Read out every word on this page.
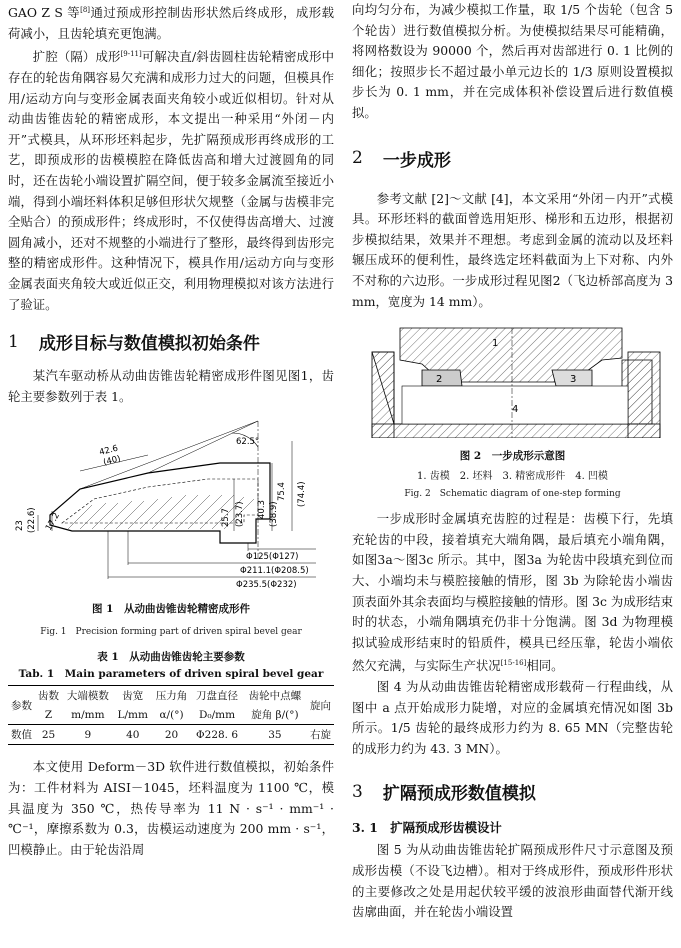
GAO Z S 等[8]通过预成形控制齿形状然后终成形，成形载荷减小，且齿轮填充更饱满。

扩腔（隔）成形[9-11]可解决直/斜齿圆柱齿轮精密成形中存在的轮齿角隅容易欠充满和成形力过大的问题，但模具作用/运动方向与变形金属表面夹角较小或近似相切。针对从动曲齿锥齿轮的精密成形，本文提出一种采用“外闭－内开”式模具，从环形坯料起步，先扩隔预成形再终成形的工艺，即预成形的齿模模腔在降低齿高和增大过渡圆角的同时，还在齿轮小端设置扩隔空间，便于较多金属流至接近小端，得到小端坯料体积足够但形状欠规整（金属与齿模非完全贴合）的预成形件；终成形时，不仅使得齿高增大、过渡圆角减小，还对不规整的小端进行了整形，最终得到齿形完整的精密成形件。这种情况下，模具作用/运动方向与变形金属表面夹角较大或近似正交，利用物理模拟对该方法进行了验证。

1 成形目标与数值模拟初始条件

某汽车驱动桥从动曲齿锥齿轮精密成形件图见图1，齿轮主要参数列于表 1。

42.6
(40)
62.5°
75.4 (74.4)
40.3 (38.9)
25.7 (23.7)
23 (22.6) 17.2
Φ125(Φ127)
Φ211.1(Φ208.5)
Φ235.5(Φ232)
图 1　从动曲齿锥齿轮精密成形件
Fig. 1　Precision forming part of driven spiral bevel gear
表 1　从动曲齿锥齿轮主要参数
Tab. 1　Main parameters of driven spiral bevel gear
参数	齿数	大端模数	齿宽	压力角	刀盘直径	齿轮中点螺	旋向
	Z	m/mm	L/mm	α/(°)	D₀/mm	旋角 β/(°)	
数值	25	9	40	20	Φ228. 6	35	右旋

本文使用 Deform－3D 软件进行数值模拟，初始条件为：工件材料为 AISI－1045，坯料温度为 1100 ℃，模具温度为 350 ℃，热传导率为 11 N · s⁻¹ · mm⁻¹ · ℃⁻¹，摩擦系数为 0.3，齿模运动速度为 200 mm · s⁻¹，凹模静止。由于轮齿沿周

向均匀分布，为减少模拟工作量，取 1/5 个齿轮（包含 5 个轮齿）进行数值模拟分析。为使模拟结果尽可能精确，将网格数设为 90000 个，然后再对齿部进行 0. 1 比例的细化；按照步长不超过最小单元边长的 1/3 原则设置模拟步长为 0. 1 mm，并在完成体积补偿设置后进行数值模拟。

2 一步成形

参考文献 [2]～文献 [4]，本文采用“外闭－内开”式模具。环形坯料的截面曾选用矩形、梯形和五边形，根据初步模拟结果，效果并不理想。考虑到金属的流动以及坯料辗压成环的便利性，最终选定坯料截面为上下对称、内外不对称的六边形。一步成形过程见图2（飞边桥部高度为 3 mm，宽度为 14 mm）。

1
2	3
4
图 2　一步成形示意图
1. 齿模　2. 坯料　3. 精密成形件　4. 凹模
Fig. 2　Schematic diagram of one-step forming

一步成形时金属填充齿腔的过程是：齿模下行，先填充轮齿的中段，接着填充大端角隅，最后填充小端角隅，如图3a～图3c 所示。其中，图3a 为轮齿中段填充到位而大、小端均未与模腔接触的情形，图 3b 为除轮齿小端齿顶表面外其余表面均与模腔接触的情形。图 3c 为成形结束时的状态，小端角隅填充仍非十分饱满。图 3d 为物理模拟试验成形结束时的铅质件，模具已经压靠，轮齿小端依然欠充满，与实际生产状况[15-16]相同。

图 4 为从动曲齿锥齿轮精密成形载荷－行程曲线，从图中 a 点开始成形力陡增，对应的金属填充情况如图 3b 所示。1/5 齿轮的最终成形力约为 8. 65 MN（完整齿轮的成形力约为 43. 3 MN）。

3 扩隔预成形数值模拟
3. 1　扩隔预成形齿模设计

图 5 为从动曲齿锥齿轮扩隔预成形件尺寸示意图及预成形齿模（不设飞边槽）。相对于终成形件，预成形件形状的主要修改之处是用起伏较平缓的波浪形曲面替代渐开线齿廓曲面，并在轮齿小端设置
